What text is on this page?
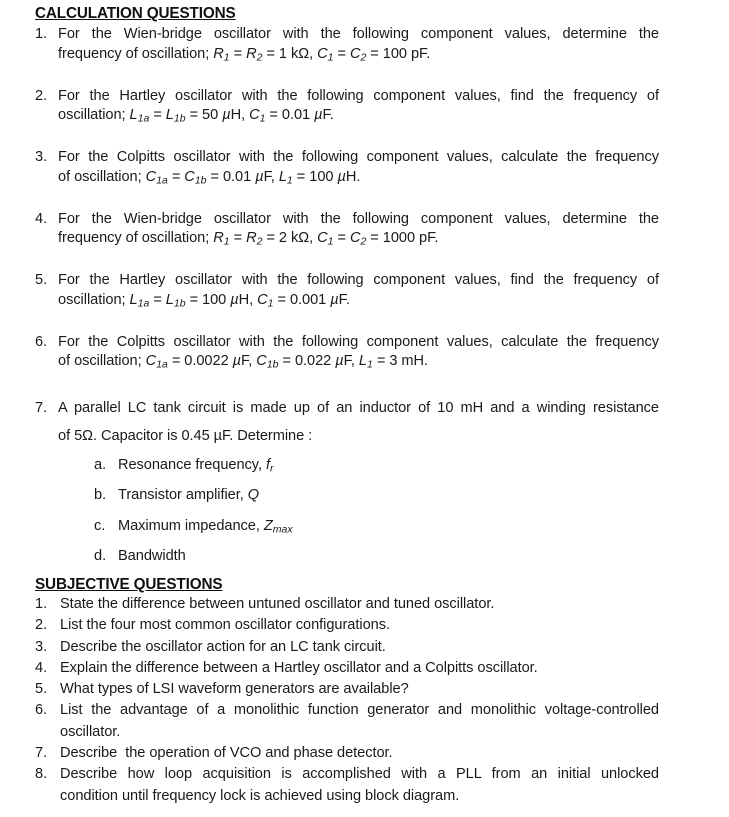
CALCULATION QUESTIONS
1. For the Wien-bridge oscillator with the following component values, determine the
frequency of oscillation; $R_1 = R_2 = 1$ kΩ, $C_1 = C_2 = 100$ pF.
2. For the Hartley oscillator with the following component values, find the frequency of
oscillation; $L_{1a} = L_{1b} = 50$ µH, $C_1 = 0.01$ µF.
3. For the Colpitts oscillator with the following component values, calculate the frequency
of oscillation; $C_{1a} = C_{1b} = 0.01$ µF, $L_1 = 100$ µH.
4. For the Wien-bridge oscillator with the following component values, determine the
frequency of oscillation; $R_1 = R_2 = 2$ kΩ, $C_1 = C_2 = 1000$ pF.
5. For the Hartley oscillator with the following component values, find the frequency of
oscillation; $L_{1a} = L_{1b} = 100$ µH, $C_1 = 0.001$ µF.
6. For the Colpitts oscillator with the following component values, calculate the frequency
of oscillation; $C_{1a} = 0.0022$ µF, $C_{1b} = 0.022$ µF, $L_1 = 3$ mH.
7. A parallel LC tank circuit is made up of an inductor of 10 mH and a winding resistance
of 5Ω. Capacitor is 0.45 µF. Determine :
a. Resonance frequency, $f_r$
b. Transistor amplifier, Q
c. Maximum impedance, $Z_{max}$
d. Bandwidth
SUBJECTIVE QUESTIONS
1. State the difference between untuned oscillator and tuned oscillator.
2. List the four most common oscillator configurations.
3. Describe the oscillator action for an LC tank circuit.
4. Explain the difference between a Hartley oscillator and a Colpitts oscillator.
5. What types of LSI waveform generators are available?
6. List the advantage of a monolithic function generator and monolithic voltage-controlled
oscillator.
7. Describe  the operation of VCO and phase detector.
8. Describe how loop acquisition is accomplished with a PLL from an initial unlocked
condition until frequency lock is achieved using block diagram.
